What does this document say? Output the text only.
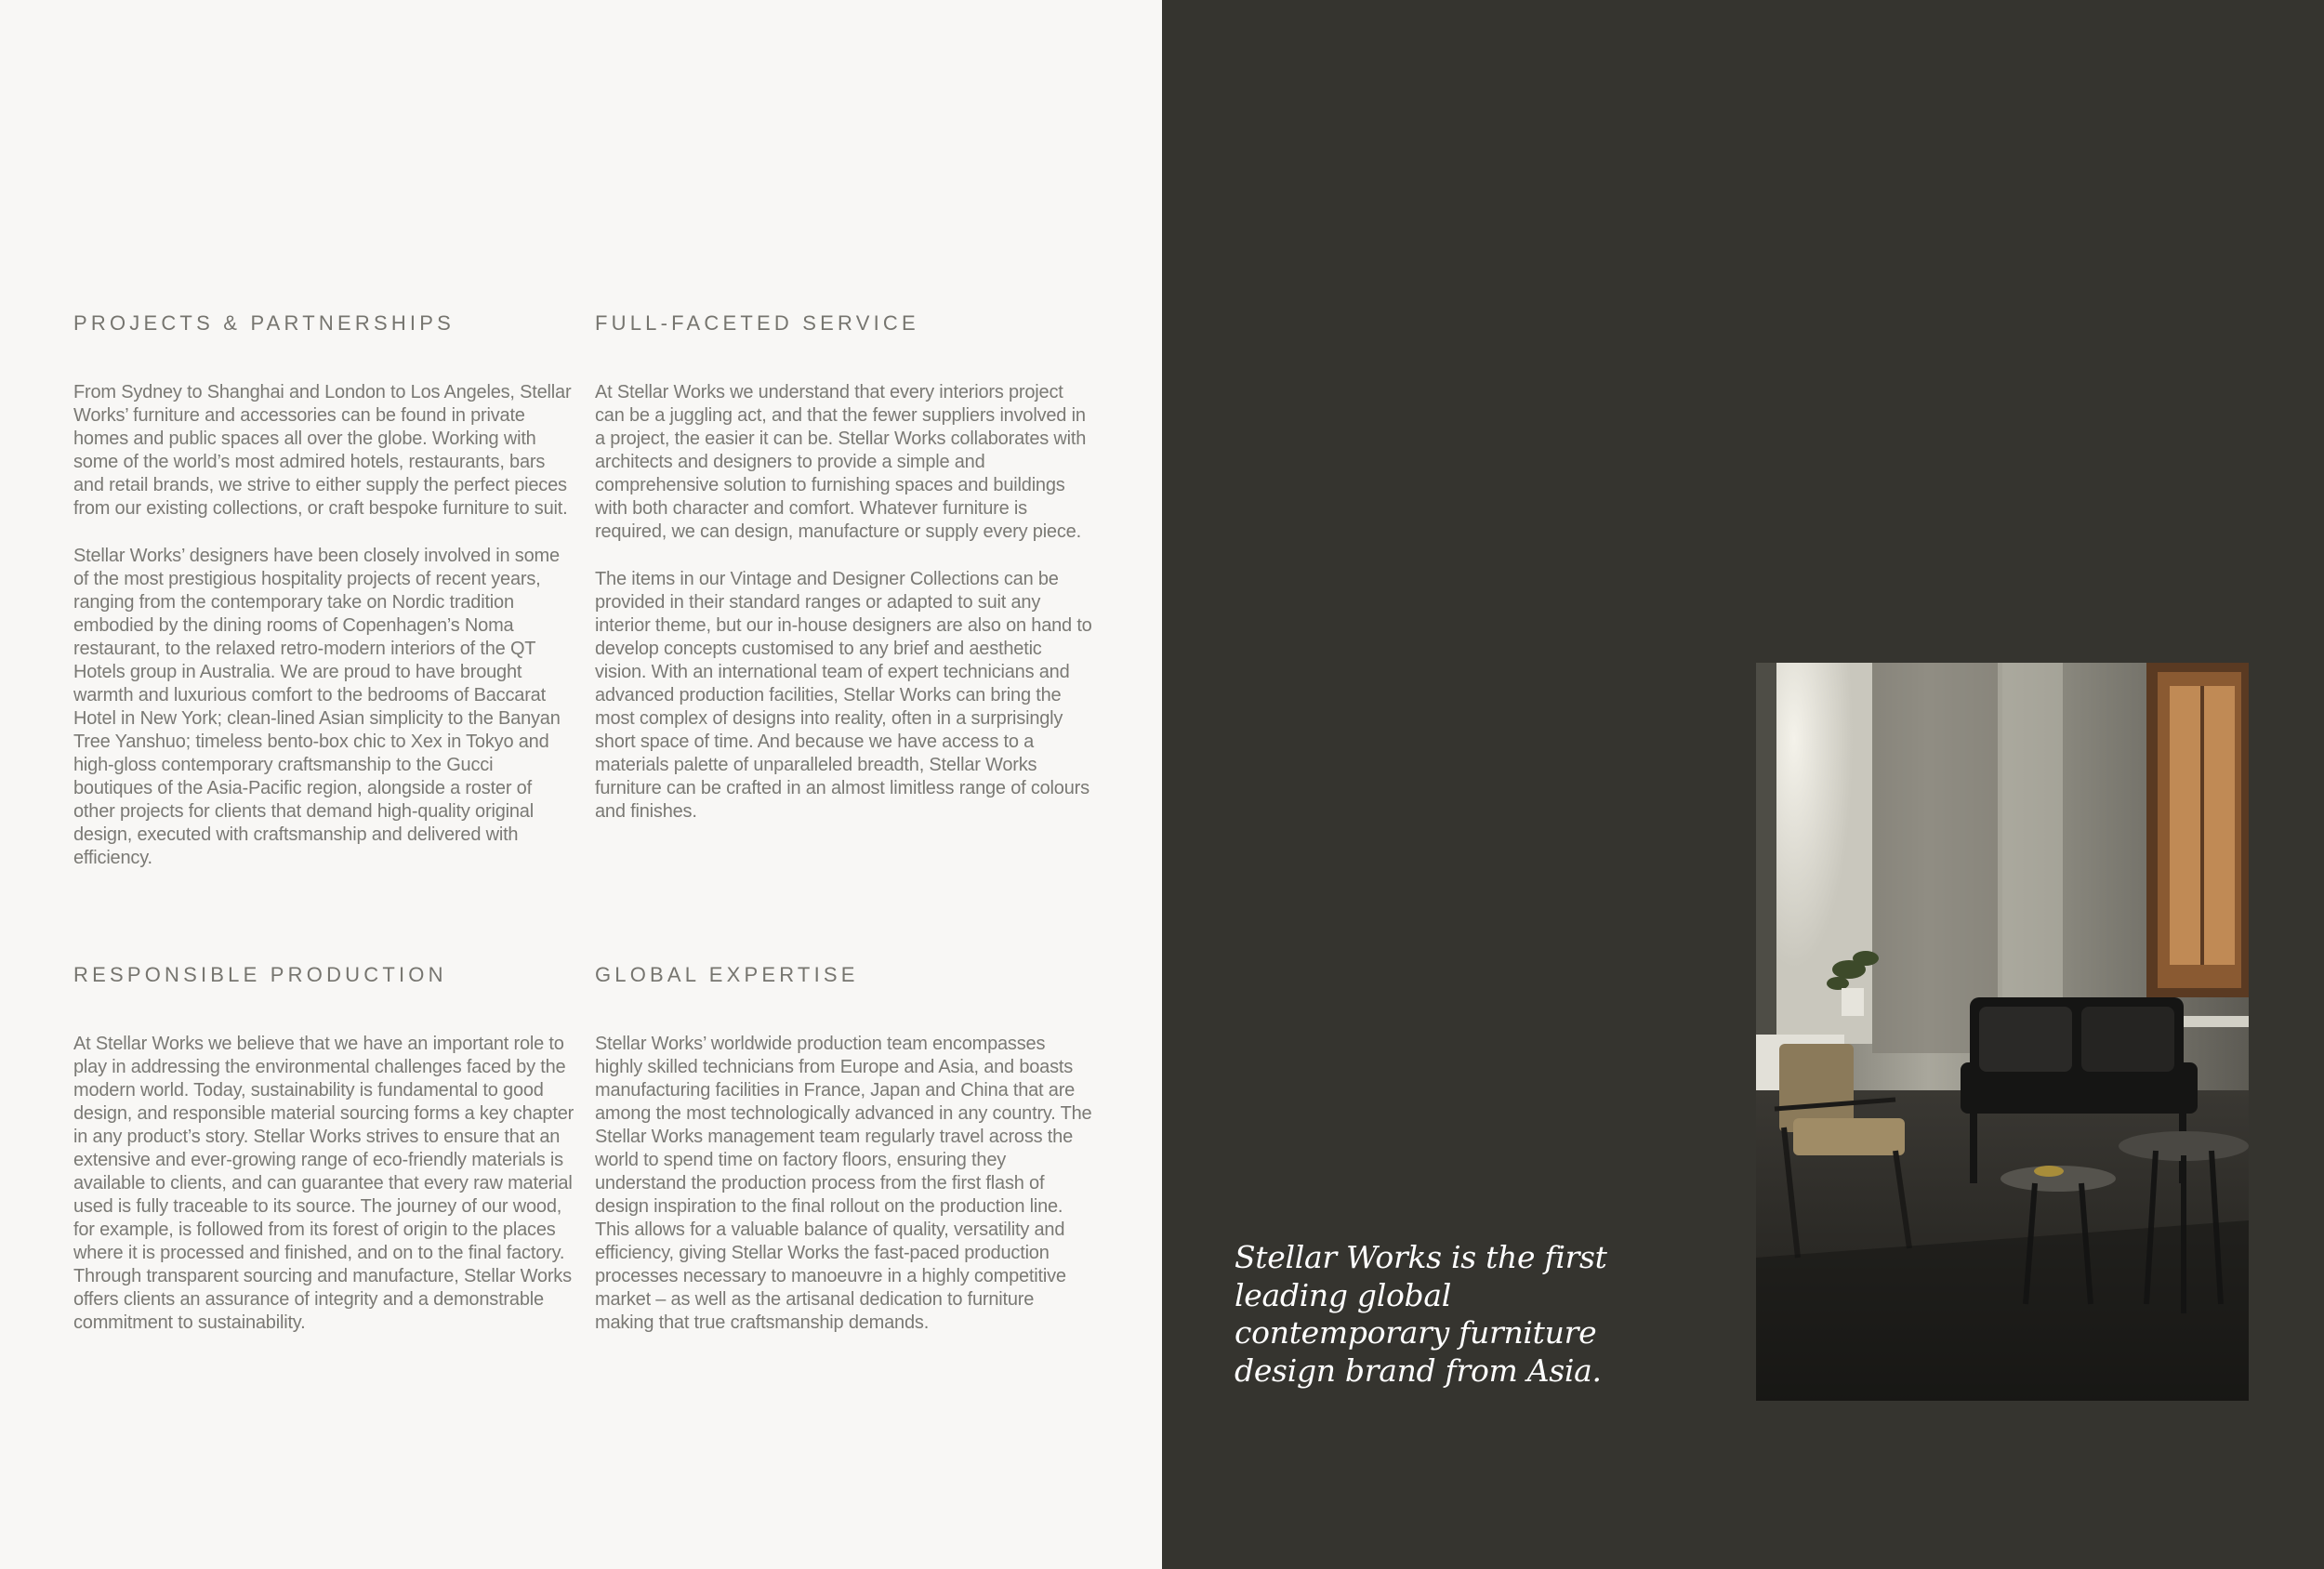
PROJECTS & PARTNERSHIPS

From Sydney to Shanghai and London to Los Angeles, Stellar Works’ furniture and accessories can be found in private homes and public spaces all over the globe. Working with some of the world’s most admired hotels, restaurants, bars and retail brands, we strive to either supply the perfect pieces from our existing collections, or craft bespoke furniture to suit.

Stellar Works’ designers have been closely involved in some of the most prestigious hospitality projects of recent years, ranging from the contemporary take on Nordic tradition embodied by the dining rooms of Copenhagen’s Noma restaurant, to the relaxed retro-modern interiors of the QT Hotels group in Australia. We are proud to have brought warmth and luxurious comfort to the bedrooms of Baccarat Hotel in New York; clean-lined Asian simplicity to the Banyan Tree Yanshuo; timeless bento-box chic to Xex in Tokyo and high-gloss contemporary craftsmanship to the Gucci boutiques of the Asia-Pacific region, alongside a roster of other projects for clients that demand high-quality original design, executed with craftsmanship and delivered with efficiency.

FULL-FACETED SERVICE

At Stellar Works we understand that every interiors project can be a juggling act, and that the fewer suppliers involved in a project, the easier it can be. Stellar Works collaborates with architects and designers to provide a simple and comprehensive solution to furnishing spaces and buildings with both character and comfort. Whatever furniture is required, we can design, manufacture or supply every piece.

The items in our Vintage and Designer Collections can be provided in their standard ranges or adapted to suit any interior theme, but our in-house designers are also on hand to develop concepts customised to any brief and aesthetic vision. With an international team of expert technicians and advanced production facilities, Stellar Works can bring the most complex of designs into reality, often in a surprisingly short space of time. And because we have access to a materials palette of unparalleled breadth, Stellar Works furniture can be crafted in an almost limitless range of colours and finishes.

RESPONSIBLE PRODUCTION

At Stellar Works we believe that we have an important role to play in addressing the environmental challenges faced by the modern world. Today, sustainability is fundamental to good design, and responsible material sourcing forms a key chapter in any product’s story. Stellar Works strives to ensure that an extensive and ever-growing range of eco-friendly materials is available to clients, and can guarantee that every raw material used is fully traceable to its source. The journey of our wood, for example, is followed from its forest of origin to the places where it is processed and finished, and on to the final factory. Through transparent sourcing and manufacture, Stellar Works offers clients an assurance of integrity and a demonstrable commitment to sustainability.

GLOBAL EXPERTISE

Stellar Works’ worldwide production team encompasses highly skilled technicians from Europe and Asia, and boasts manufacturing facilities in France, Japan and China that are among the most technologically advanced in any country. The Stellar Works management team regularly travel across the world to spend time on factory floors, ensuring they understand the production process from the first flash of design inspiration to the final rollout on the production line. This allows for a valuable balance of quality, versatility and efficiency, giving Stellar Works the fast-paced production processes necessary to manoeuvre in a highly competitive market – as well as the artisanal dedication to furniture making that true craftsmanship demands.

Stellar Works is the first leading global contemporary furniture design brand from Asia.
